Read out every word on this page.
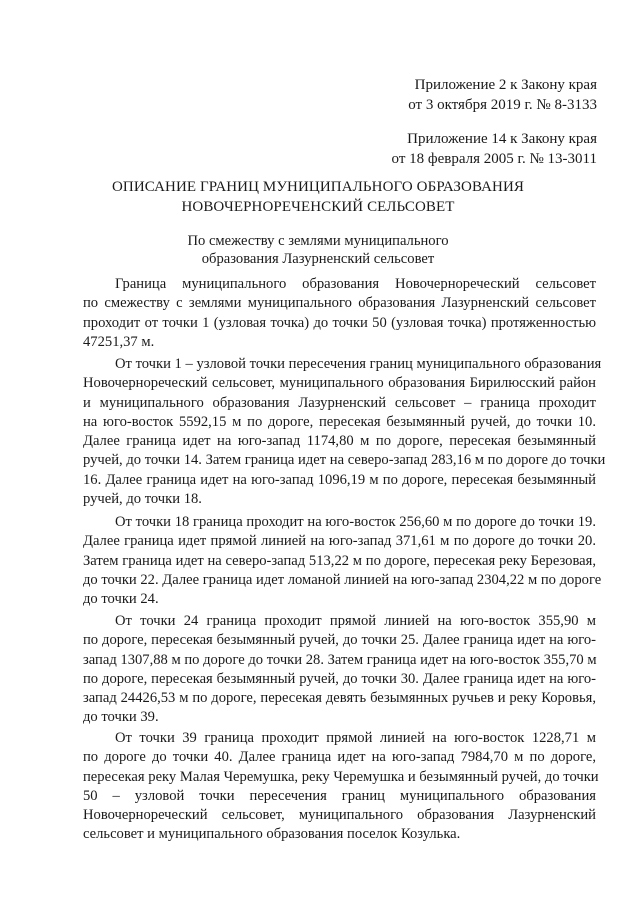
Приложение 2 к Закону края
от 3 октября 2019 г. № 8-3133
Приложение 14 к Закону края
от 18 февраля 2005 г. № 13-3011
ОПИСАНИЕ ГРАНИЦ МУНИЦИПАЛЬНОГО ОБРАЗОВАНИЯ
НОВОЧЕРНОРЕЧЕНСКИЙ СЕЛЬСОВЕТ
По смежеству с землями муниципального
образования Лазурненский сельсовет
Граница муниципального образования Новочернореческий сельсовет
по смежеству с землями муниципального образования Лазурненский сельсовет
проходит от точки 1 (узловая точка) до точки 50 (узловая точка) протяженностью
47251,37 м.
От точки 1 – узловой точки пересечения границ муниципального образования
Новочернореческий сельсовет, муниципального образования Бирилюсский район
и муниципального образования Лазурненский сельсовет – граница проходит
на юго-восток 5592,15 м по дороге, пересекая безымянный ручей, до точки 10.
Далее граница идет на юго-запад 1174,80 м по дороге, пересекая безымянный
ручей, до точки 14. Затем граница идет на северо-запад 283,16 м по дороге до точки
16. Далее граница идет на юго-запад 1096,19 м по дороге, пересекая безымянный
ручей, до точки 18.
От точки 18 граница проходит на юго-восток 256,60 м по дороге до точки 19.
Далее граница идет прямой линией на юго-запад 371,61 м по дороге до точки 20.
Затем граница идет на северо-запад 513,22 м по дороге, пересекая реку Березовая,
до точки 22. Далее граница идет ломаной линией на юго-запад 2304,22 м по дороге
до точки 24.
От точки 24 граница проходит прямой линией на юго-восток 355,90 м
по дороге, пересекая безымянный ручей, до точки 25. Далее граница идет на юго-
запад 1307,88 м по дороге до точки 28. Затем граница идет на юго-восток 355,70 м
по дороге, пересекая безымянный ручей, до точки 30. Далее граница идет на юго-
запад 24426,53 м по дороге, пересекая девять безымянных ручьев и реку Коровья,
до точки 39.
От точки 39 граница проходит прямой линией на юго-восток 1228,71 м
по дороге до точки 40. Далее граница идет на юго-запад 7984,70 м по дороге,
пересекая реку Малая Черемушка, реку Черемушка и безымянный ручей, до точки
50 – узловой точки пересечения границ муниципального образования
Новочернореческий сельсовет, муниципального образования Лазурненский
сельсовет и муниципального образования поселок Козулька.
